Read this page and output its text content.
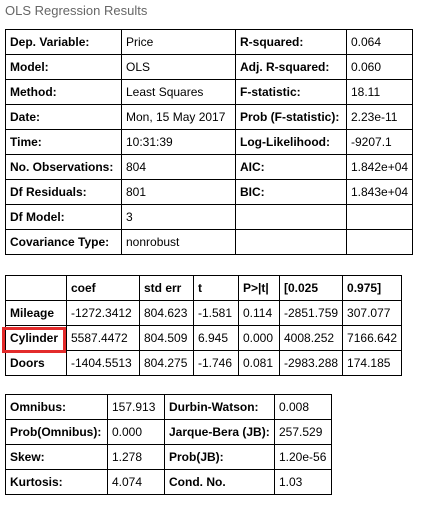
OLS Regression Results
Dep. Variable:	Price	R-squared:	0.064
Model:	OLS	Adj. R-squared:	0.060
Method:	Least Squares	F-statistic:	18.11
Date:	Mon, 15 May 2017	Prob (F-statistic):	2.23e-11
Time:	10:31:39	Log-Likelihood:	-9207.1
No. Observations:	804	AIC:	1.842e+04
Df Residuals:	801	BIC:	1.843e+04
Df Model:	3		
Covariance Type:	nonrobust		
	coef	std err	t	P>|t|	[0.025	0.975]
Mileage	-1272.3412	804.623	-1.581	0.114	-2851.759	307.077
Cylinder	5587.4472	804.509	6.945	0.000	4008.252	7166.642
Doors	-1404.5513	804.275	-1.746	0.081	-2983.288	174.185
Omnibus:	157.913	Durbin-Watson:	0.008
Prob(Omnibus):	0.000	Jarque-Bera (JB):	257.529
Skew:	1.278	Prob(JB):	1.20e-56
Kurtosis:	4.074	Cond. No.	1.03
